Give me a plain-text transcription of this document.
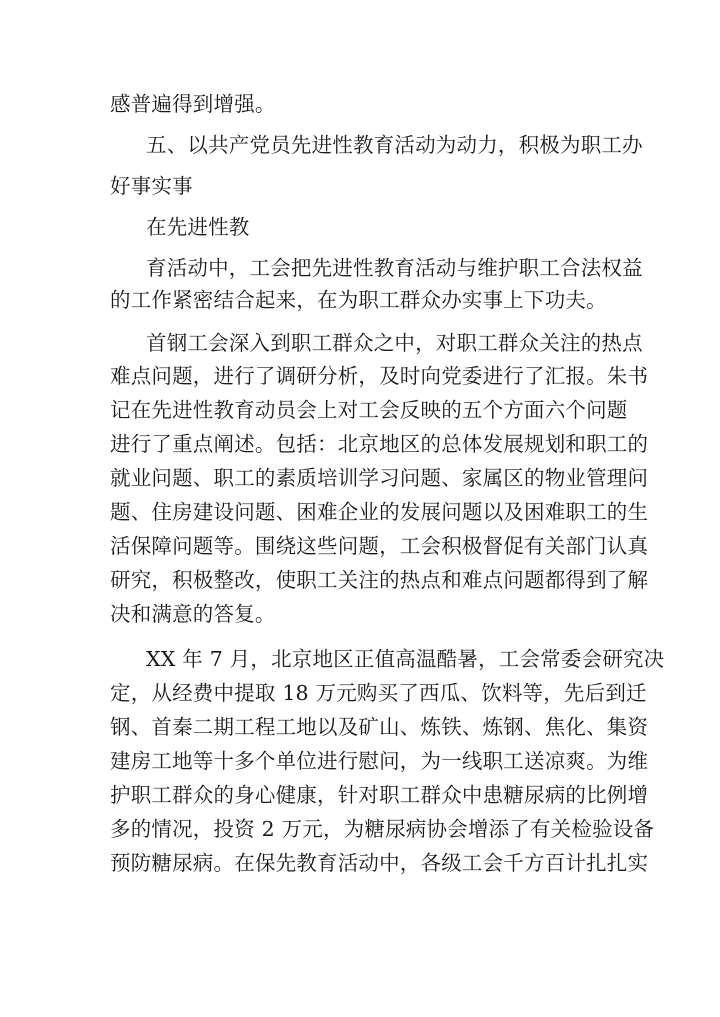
感普遍得到增强。
五、以共产党员先进性教育活动为动力，积极为职工办
好事实事
在先进性教
育活动中，工会把先进性教育活动与维护职工合法权益
的工作紧密结合起来，在为职工群众办实事上下功夫。
首钢工会深入到职工群众之中，对职工群众关注的热点
难点问题，进行了调研分析，及时向党委进行了汇报。朱书
记在先进性教育动员会上对工会反映的五个方面六个问题
进行了重点阐述。包括：北京地区的总体发展规划和职工的
就业问题、职工的素质培训学习问题、家属区的物业管理问
题、住房建设问题、困难企业的发展问题以及困难职工的生
活保障问题等。围绕这些问题，工会积极督促有关部门认真
研究，积极整改，使职工关注的热点和难点问题都得到了解
决和满意的答复。
XX 年 7 月，北京地区正值高温酷暑，工会常委会研究决
定，从经费中提取 18 万元购买了西瓜、饮料等，先后到迁
钢、首秦二期工程工地以及矿山、炼铁、炼钢、焦化、集资
建房工地等十多个单位进行慰问，为一线职工送凉爽。为维
护职工群众的身心健康，针对职工群众中患糖尿病的比例增
多的情况，投资 2 万元，为糖尿病协会增添了有关检验设备
预防糖尿病。在保先教育活动中，各级工会千方百计扎扎实
